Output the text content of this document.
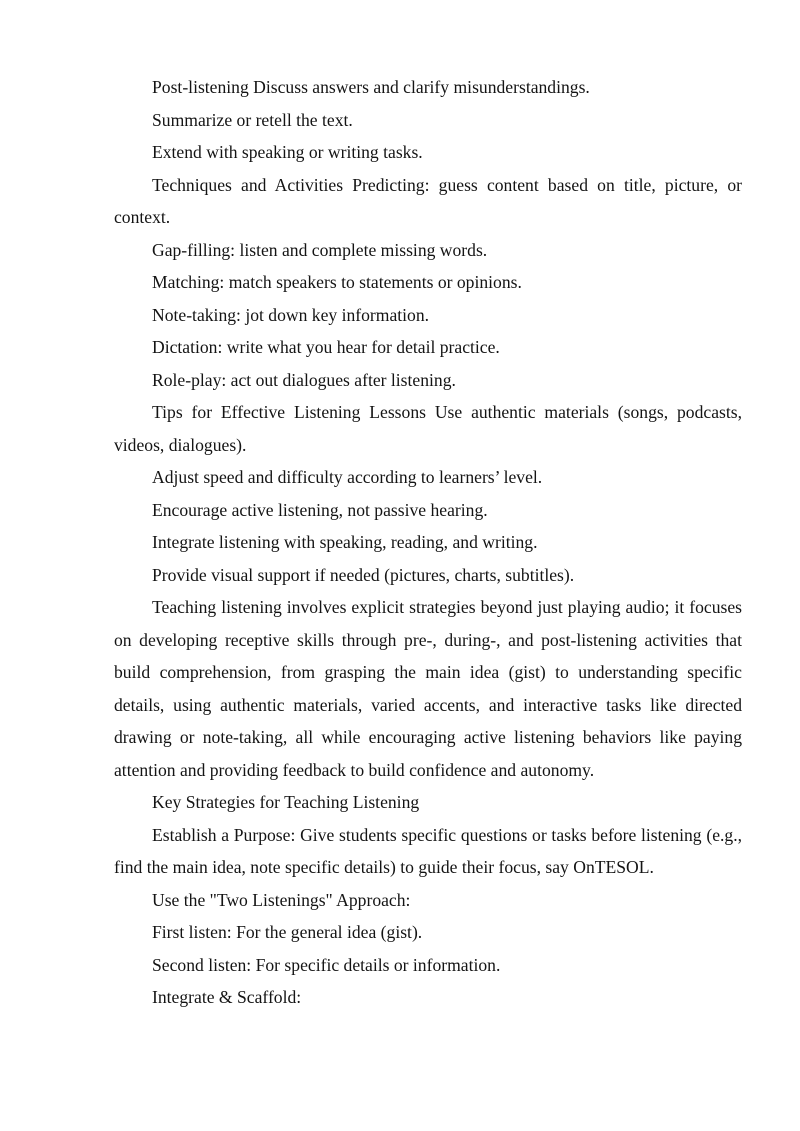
Post-listening Discuss answers and clarify misunderstandings.

Summarize or retell the text.

Extend with speaking or writing tasks.

Techniques and Activities Predicting: guess content based on title, picture, or context.

Gap-filling: listen and complete missing words.

Matching: match speakers to statements or opinions.

Note-taking: jot down key information.

Dictation: write what you hear for detail practice.

Role-play: act out dialogues after listening.

Tips for Effective Listening Lessons Use authentic materials (songs, podcasts, videos, dialogues).

Adjust speed and difficulty according to learners’ level.

Encourage active listening, not passive hearing.

Integrate listening with speaking, reading, and writing.

Provide visual support if needed (pictures, charts, subtitles).

Teaching listening involves explicit strategies beyond just playing audio; it focuses on developing receptive skills through pre-, during-, and post-listening activities that build comprehension, from grasping the main idea (gist) to understanding specific details, using authentic materials, varied accents, and interactive tasks like directed drawing or note-taking, all while encouraging active listening behaviors like paying attention and providing feedback to build confidence and autonomy.

Key Strategies for Teaching Listening

Establish a Purpose: Give students specific questions or tasks before listening (e.g., find the main idea, note specific details) to guide their focus, say OnTESOL.

Use the "Two Listenings" Approach:

First listen: For the general idea (gist).

Second listen: For specific details or information.

Integrate & Scaffold:
